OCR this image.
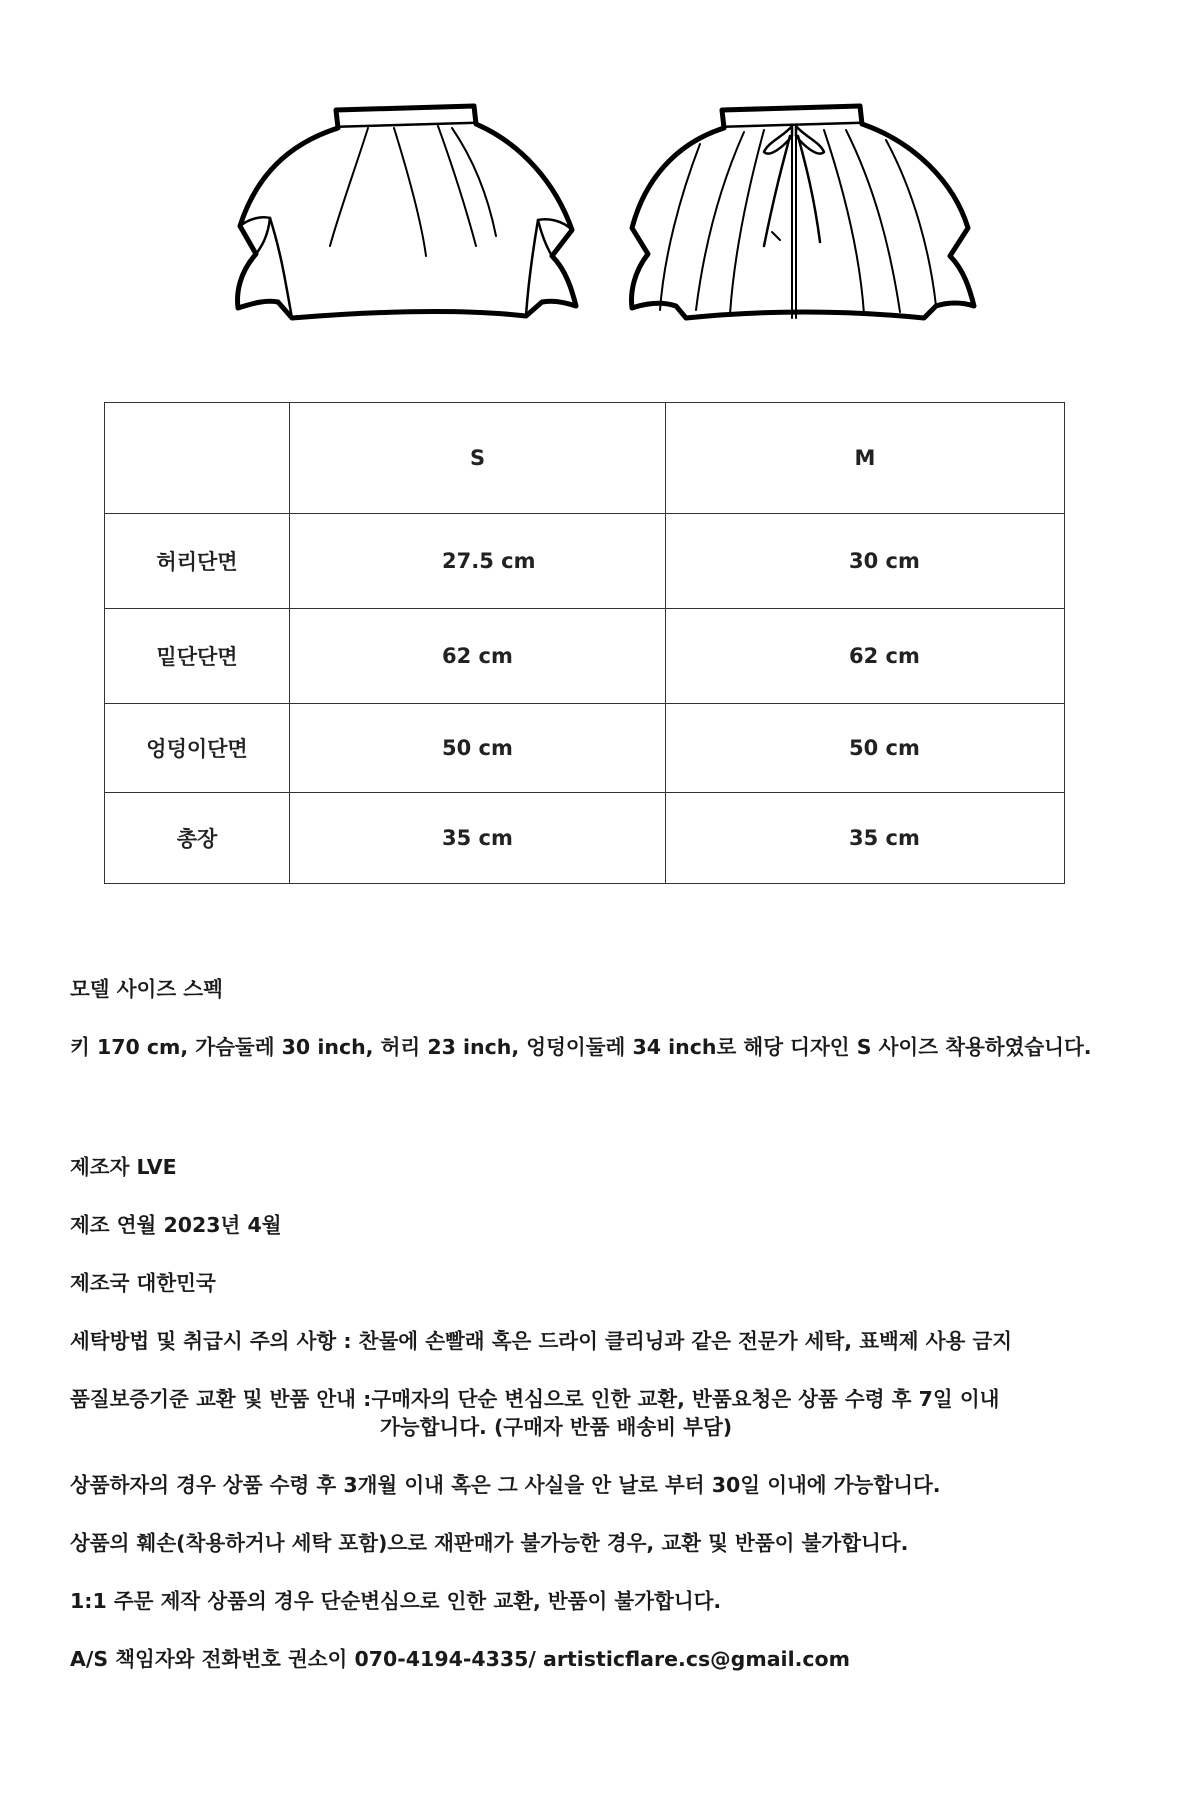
	S	M
허리단면	27.5 cm	30 cm
밑단단면	62 cm	62 cm
엉덩이단면	50 cm	50 cm
총장	35 cm	35 cm
모델 사이즈 스펙
키 170 cm, 가슴둘레 30 inch, 허리 23 inch, 엉덩이둘레 34 inch로 해당 디자인 S 사이즈 착용하였습니다.
제조자 LVE
제조 연월 2023년 4월
제조국 대한민국
세탁방법 및 취급시 주의 사항 : 찬물에 손빨래 혹은 드라이 클리닝과 같은 전문가 세탁, 표백제 사용 금지
품질보증기준 교환 및 반품 안내 :구매자의 단순 변심으로 인한 교환, 반품요청은 상품 수령 후 7일 이내
가능합니다. (구매자 반품 배송비 부담)
상품하자의 경우 상품 수령 후 3개월 이내 혹은 그 사실을 안 날로 부터 30일 이내에 가능합니다.
상품의 훼손(착용하거나 세탁 포함)으로 재판매가 불가능한 경우, 교환 및 반품이 불가합니다.
1:1 주문 제작 상품의 경우 단순변심으로 인한 교환, 반품이 불가합니다.
A/S 책임자와 전화번호 권소이 070-4194-4335/ artisticflare.cs@gmail.com
